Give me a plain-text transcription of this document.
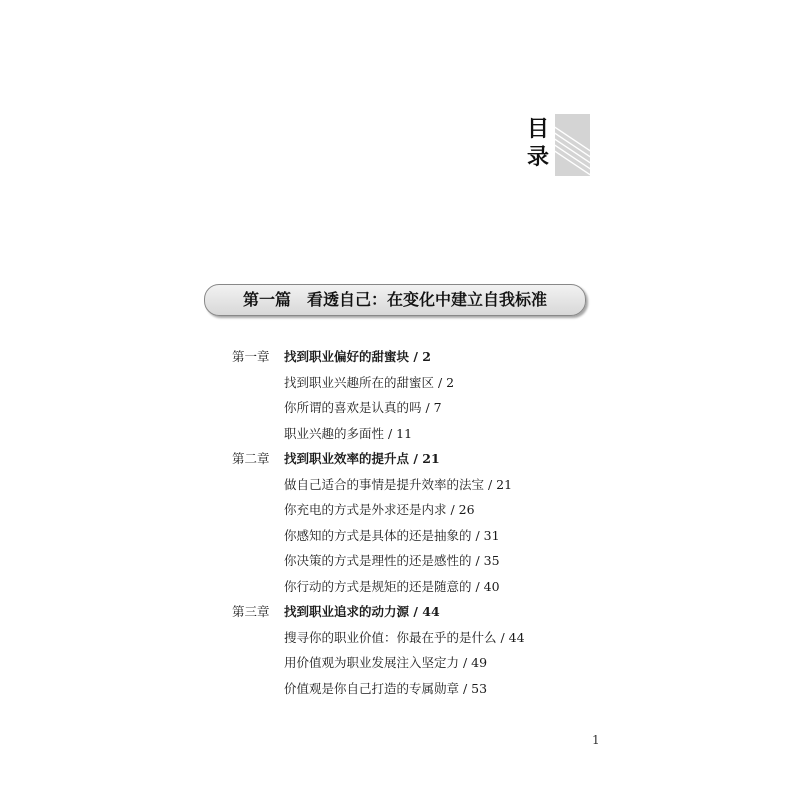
目
录
第一篇　看透自己：在变化中建立自我标准
第一章 找到职业偏好的甜蜜块 / 2
找到职业兴趣所在的甜蜜区 / 2
你所谓的喜欢是认真的吗 / 7
职业兴趣的多面性 / 11
第二章 找到职业效率的提升点 / 21
做自己适合的事情是提升效率的法宝 / 21
你充电的方式是外求还是内求 / 26
你感知的方式是具体的还是抽象的 / 31
你决策的方式是理性的还是感性的 / 35
你行动的方式是规矩的还是随意的 / 40
第三章 找到职业追求的动力源 / 44
搜寻你的职业价值：你最在乎的是什么 / 44
用价值观为职业发展注入坚定力 / 49
价值观是你自己打造的专属勋章 / 53
1
